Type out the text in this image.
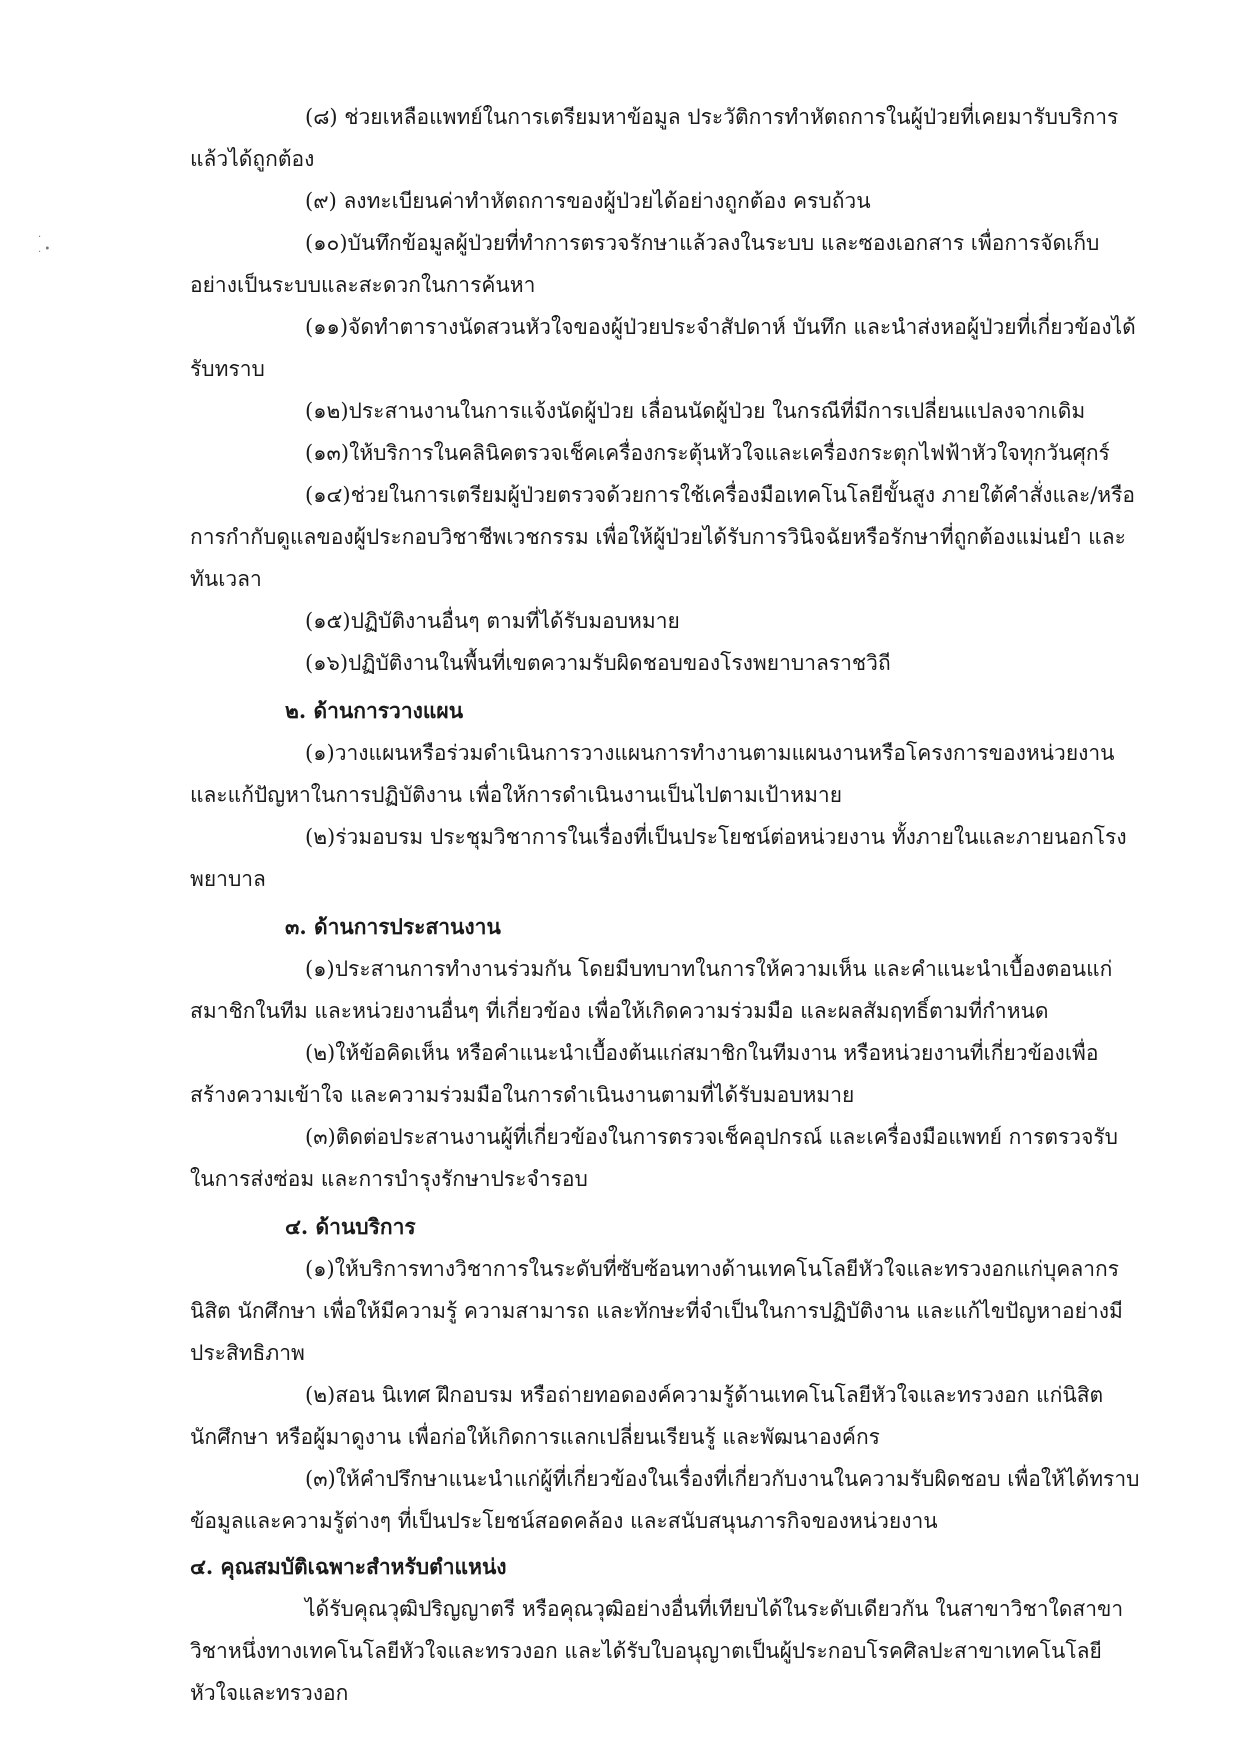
·
. •

(๘) ช่วยเหลือแพทย์ในการเตรียมหาข้อมูล ประวัติการทำหัตถการในผู้ป่วยที่เคยมารับบริการแล้วได้ถูกต้อง

(๙) ลงทะเบียนค่าทำหัตถการของผู้ป่วยได้อย่างถูกต้อง ครบถ้วน

(๑๐)บันทึกข้อมูลผู้ป่วยที่ทำการตรวจรักษาแล้วลงในระบบ และซองเอกสาร เพื่อการจัดเก็บอย่างเป็นระบบและสะดวกในการค้นหา

(๑๑)จัดทำตารางนัดสวนหัวใจของผู้ป่วยประจำสัปดาห์ บันทึก และนำส่งหอผู้ป่วยที่เกี่ยวข้องได้รับทราบ

(๑๒)ประสานงานในการแจ้งนัดผู้ป่วย เลื่อนนัดผู้ป่วย ในกรณีที่มีการเปลี่ยนแปลงจากเดิม

(๑๓)ให้บริการในคลินิคตรวจเช็คเครื่องกระตุ้นหัวใจและเครื่องกระตุกไฟฟ้าหัวใจทุกวันศุกร์

(๑๔)ช่วยในการเตรียมผู้ป่วยตรวจด้วยการใช้เครื่องมือเทคโนโลยีขั้นสูง ภายใต้คำสั่งและ/หรือการกำกับดูแลของผู้ประกอบวิชาชีพเวชกรรม เพื่อให้ผู้ป่วยได้รับการวินิจฉัยหรือรักษาที่ถูกต้องแม่นยำ และทันเวลา

(๑๕)ปฏิบัติงานอื่นๆ ตามที่ได้รับมอบหมาย

(๑๖)ปฏิบัติงานในพื้นที่เขตความรับผิดชอบของโรงพยาบาลราชวิถี

๒. ด้านการวางแผน

(๑)วางแผนหรือร่วมดำเนินการวางแผนการทำงานตามแผนงานหรือโครงการของหน่วยงานและแก้ปัญหาในการปฏิบัติงาน เพื่อให้การดำเนินงานเป็นไปตามเป้าหมาย

(๒)ร่วมอบรม ประชุมวิชาการในเรื่องที่เป็นประโยชน์ต่อหน่วยงาน ทั้งภายในและภายนอกโรงพยาบาล

๓. ด้านการประสานงาน

(๑)ประสานการทำงานร่วมกัน โดยมีบทบาทในการให้ความเห็น และคำแนะนำเบื้องตอนแก่สมาชิกในทีม และหน่วยงานอื่นๆ ที่เกี่ยวข้อง เพื่อให้เกิดความร่วมมือ และผลสัมฤทธิ์ตามที่กำหนด

(๒)ให้ข้อคิดเห็น หรือคำแนะนำเบื้องต้นแก่สมาชิกในทีมงาน หรือหน่วยงานที่เกี่ยวข้องเพื่อสร้างความเข้าใจ และความร่วมมือในการดำเนินงานตามที่ได้รับมอบหมาย

(๓)ติดต่อประสานงานผู้ที่เกี่ยวข้องในการตรวจเช็คอุปกรณ์ และเครื่องมือแพทย์ การตรวจรับในการส่งซ่อม และการบำรุงรักษาประจำรอบ

๔. ด้านบริการ

(๑)ให้บริการทางวิชาการในระดับที่ซับซ้อนทางด้านเทคโนโลยีหัวใจและทรวงอกแก่บุคลากรนิสิต นักศึกษา เพื่อให้มีความรู้ ความสามารถ และทักษะที่จำเป็นในการปฏิบัติงาน และแก้ไขปัญหาอย่างมีประสิทธิภาพ

(๒)สอน นิเทศ ฝึกอบรม หรือถ่ายทอดองค์ความรู้ด้านเทคโนโลยีหัวใจและทรวงอก แก่นิสิตนักศึกษา หรือผู้มาดูงาน เพื่อก่อให้เกิดการแลกเปลี่ยนเรียนรู้ และพัฒนาองค์กร

(๓)ให้คำปรึกษาแนะนำแก่ผู้ที่เกี่ยวข้องในเรื่องที่เกี่ยวกับงานในความรับผิดชอบ เพื่อให้ได้ทราบข้อมูลและความรู้ต่างๆ ที่เป็นประโยชน์สอดคล้อง และสนับสนุนภารกิจของหน่วยงาน

๔. คุณสมบัติเฉพาะสำหรับตำแหน่ง

ได้รับคุณวุฒิปริญญาตรี หรือคุณวุฒิอย่างอื่นที่เทียบได้ในระดับเดียวกัน ในสาขาวิชาใดสาขาวิชาหนึ่งทางเทคโนโลยีหัวใจและทรวงอก และได้รับใบอนุญาตเป็นผู้ประกอบโรคศิลปะสาขาเทคโนโลยีหัวใจและทรวงอก
